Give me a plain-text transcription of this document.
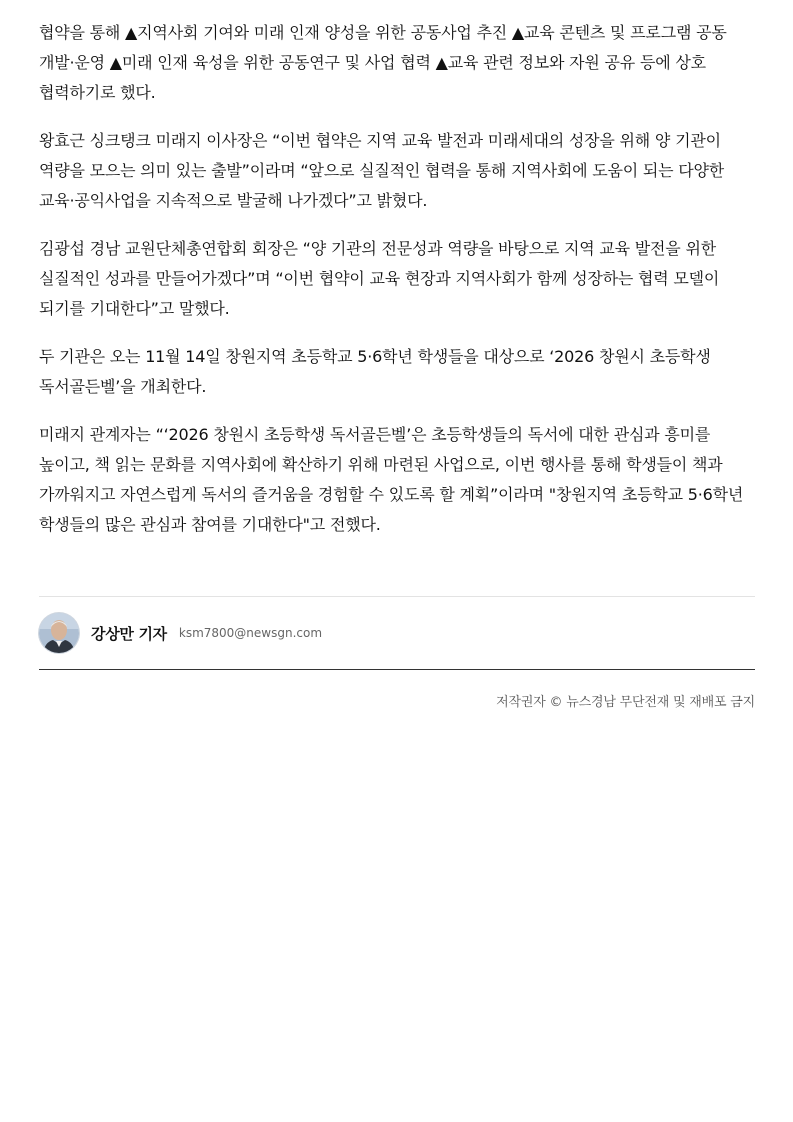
협약을 통해 ▲지역사회 기여와 미래 인재 양성을 위한 공동사업 추진 ▲교육 콘텐츠 및 프로그램 공동 개발·운영 ▲미래 인재 육성을 위한 공동연구 및 사업 협력 ▲교육 관련 정보와 자원 공유 등에 상호 협력하기로 했다.

왕효근 싱크탱크 미래지 이사장은 “이번 협약은 지역 교육 발전과 미래세대의 성장을 위해 양 기관이 역량을 모으는 의미 있는 출발”이라며 “앞으로 실질적인 협력을 통해 지역사회에 도움이 되는 다양한 교육·공익사업을 지속적으로 발굴해 나가겠다”고 밝혔다.

김광섭 경남 교원단체총연합회 회장은 “양 기관의 전문성과 역량을 바탕으로 지역 교육 발전을 위한 실질적인 성과를 만들어가겠다”며 “이번 협약이 교육 현장과 지역사회가 함께 성장하는 협력 모델이 되기를 기대한다”고 말했다.

두 기관은 오는 11월 14일 창원지역 초등학교 5·6학년 학생들을 대상으로 ‘2026 창원시 초등학생 독서골든벨’을 개최한다.

미래지 관계자는 “‘2026 창원시 초등학생 독서골든벨’은 초등학생들의 독서에 대한 관심과 흥미를 높이고, 책 읽는 문화를 지역사회에 확산하기 위해 마련된 사업으로, 이번 행사를 통해 학생들이 책과 가까워지고 자연스럽게 독서의 즐거움을 경험할 수 있도록 할 계획”이라며 "창원지역 초등학교 5·6학년 학생들의 많은 관심과 참여를 기대한다"고 전했다.

강상만 기자 ksm7800@newsgn.com
저작권자 © 뉴스경남 무단전재 및 재배포 금지
